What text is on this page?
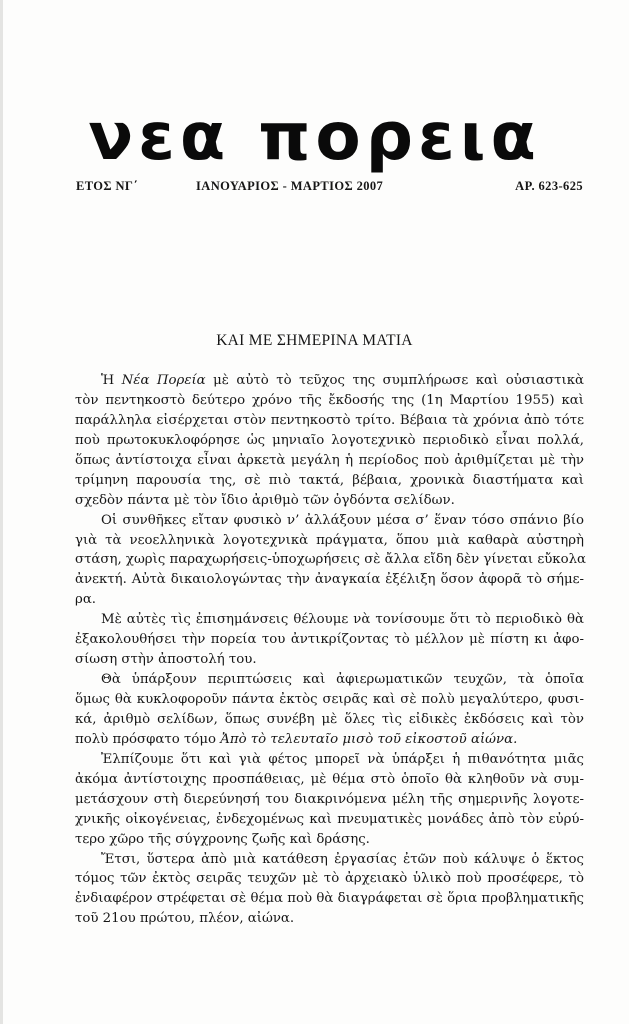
νεα πορεια
ΕΤΟΣ ΝΓ΄	ΙΑΝΟΥΑΡΙΟΣ - ΜΑΡΤΙΟΣ 2007	ΑΡ. 623-625
ΚΑΙ ΜΕ ΣΗΜΕΡΙΝΑ ΜΑΤΙΑ
Ἡ Νέα Πορεία μὲ αὐτὸ τὸ τεῦχος της συμπλήρωσε καὶ οὐσιαστικὰ
τὸν πεντηκοστὸ δεύτερο χρόνο τῆς ἔκδοσής της (1η Μαρτίου 1955) καὶ
παράλληλα εἰσέρχεται στὸν πεντηκοστὸ τρίτο. Βέβαια τὰ χρόνια ἀπὸ τότε
ποὺ πρωτοκυκλοφόρησε ὡς μηνιαῖο λογοτεχνικὸ περιοδικὸ εἶναι πολλά,
ὅπως ἀντίστοιχα εἶναι ἀρκετὰ μεγάλη ἡ περίοδος ποὺ ἀριθμίζεται μὲ τὴν
τρίμηνη παρουσία της, σὲ πιὸ τακτά, βέβαια, χρονικὰ διαστήματα καὶ
σχεδὸν πάντα μὲ τὸν ἴδιο ἀριθμὸ τῶν ὀγδόντα σελίδων.
Οἱ συνθῆκες εἴταν φυσικὸ ν’ ἀλλάξουν μέσα σ’ ἕναν τόσο σπάνιο βίο
γιὰ τὰ νεοελληνικὰ λογοτεχνικὰ πράγματα, ὅπου μιὰ καθαρὰ αὐστηρὴ
στάση, χωρὶς παραχωρήσεις-ὑποχωρήσεις σὲ ἄλλα εἴδη δὲν γίνεται εὔκολα
ἀνεκτή. Αὐτὰ δικαιολογώντας τὴν ἀναγκαία ἐξέλιξη ὅσον ἀφορᾶ τὸ σήμε-
ρα.
Μὲ αὐτὲς τὶς ἐπισημάνσεις θέλουμε νὰ τονίσουμε ὅτι τὸ περιοδικὸ θὰ
ἐξακολουθήσει τὴν πορεία του ἀντικρίζοντας τὸ μέλλον μὲ πίστη κι ἀφο-
σίωση στὴν ἀποστολή του.
Θὰ ὑπάρξουν περιπτώσεις καὶ ἀφιερωματικῶν τευχῶν, τὰ ὁποῖα
ὅμως θὰ κυκλοφοροῦν πάντα ἐκτὸς σειρᾶς καὶ σὲ πολὺ μεγαλύτερο, φυσι-
κά, ἀριθμὸ σελίδων, ὅπως συνέβη μὲ ὅλες τὶς εἰδικὲς ἐκδόσεις καὶ τὸν
πολὺ πρόσφατο τόμο Ἀπὸ τὸ τελευταῖο μισὸ τοῦ εἰκοστοῦ αἰώνα.
Ἐλπίζουμε ὅτι καὶ γιὰ φέτος μπορεῖ νὰ ὑπάρξει ἡ πιθανότητα μιᾶς
ἀκόμα ἀντίστοιχης προσπάθειας, μὲ θέμα στὸ ὁποῖο θὰ κληθοῦν νὰ συμ-
μετάσχουν στὴ διερεύνησή του διακρινόμενα μέλη τῆς σημερινῆς λογοτε-
χνικῆς οἰκογένειας, ἐνδεχομένως καὶ πνευματικὲς μονάδες ἀπὸ τὸν εὐρύ-
τερο χῶρο τῆς σύγχρονης ζωῆς καὶ δράσης.
Ἔτσι, ὕστερα ἀπὸ μιὰ κατάθεση ἐργασίας ἐτῶν ποὺ κάλυψε ὁ ἕκτος
τόμος τῶν ἐκτὸς σειρᾶς τευχῶν μὲ τὸ ἀρχειακὸ ὑλικὸ ποὺ προσέφερε, τὸ
ἐνδιαφέρον στρέφεται σὲ θέμα ποὺ θὰ διαγράφεται σὲ ὅρια προβληματικῆς
τοῦ 21ου πρώτου, πλέον, αἰώνα.
